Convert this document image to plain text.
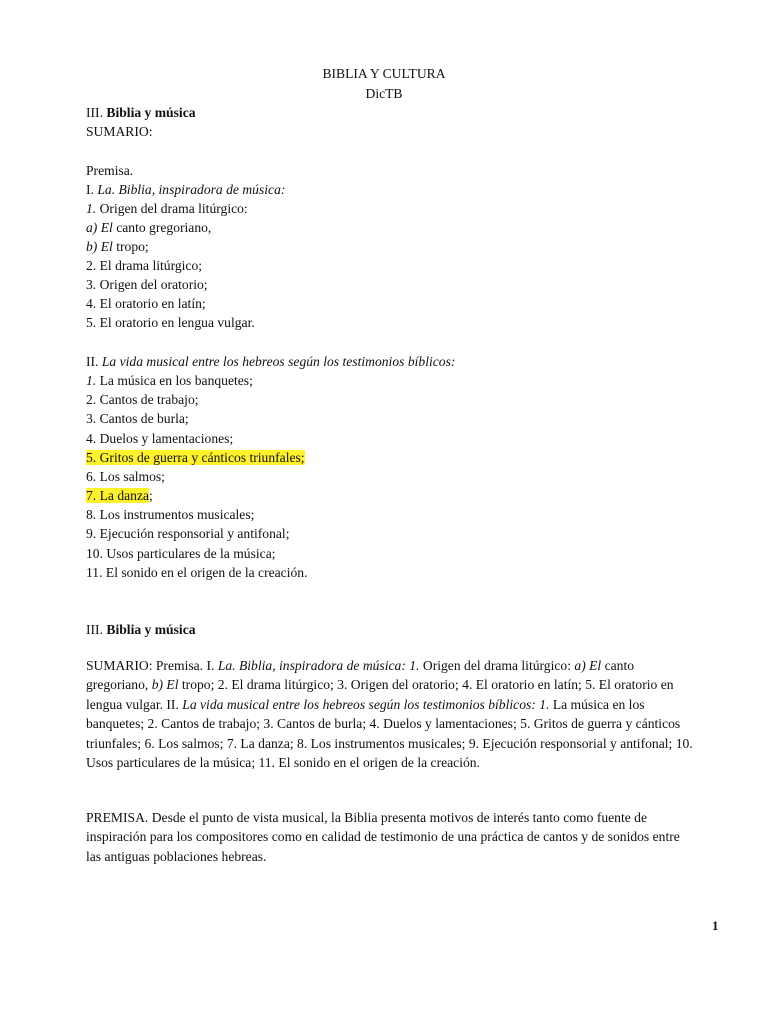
BIBLIA Y CULTURA
DicTB
III. Biblia y música
SUMARIO:
Premisa.
I. La. Biblia, inspiradora de música:
1. Origen del drama litúrgico:
a) El canto gregoriano,
b) El tropo;
2. El drama litúrgico;
3. Origen del oratorio;
4. El oratorio en latín;
5. El oratorio en lengua vulgar.
II. La vida musical entre los hebreos según los testimonios bíblicos:
1. La música en los banquetes;
2. Cantos de trabajo;
3. Cantos de burla;
4. Duelos y lamentaciones;
5. Gritos de guerra y cánticos triunfales;
6. Los salmos;
7. La danza;
8. Los instrumentos musicales;
9. Ejecución responsorial y antifonal;
10. Usos particulares de la música;
11. El sonido en el origen de la creación.
III. Biblia y música

SUMARIO: Premisa. I. La. Biblia, inspiradora de música: 1. Origen del drama litúrgico: a) El canto gregoriano, b) El tropo; 2. El drama litúrgico; 3. Origen del oratorio; 4. El oratorio en latín; 5. El oratorio en lengua vulgar. II. La vida musical entre los hebreos según los testimonios bíblicos: 1. La música en los banquetes; 2. Cantos de trabajo; 3. Cantos de burla; 4. Duelos y lamentaciones; 5. Gritos de guerra y cánticos triunfales; 6. Los salmos; 7. La danza; 8. Los instrumentos musicales; 9. Ejecución responsorial y antifonal; 10. Usos particulares de la música; 11. El sonido en el origen de la creación.

PREMISA. Desde el punto de vista musical, la Biblia presenta motivos de interés tanto como fuente de inspiración para los compositores como en calidad de testimonio de una práctica de cantos y de sonidos entre las antiguas poblaciones hebreas.

1
